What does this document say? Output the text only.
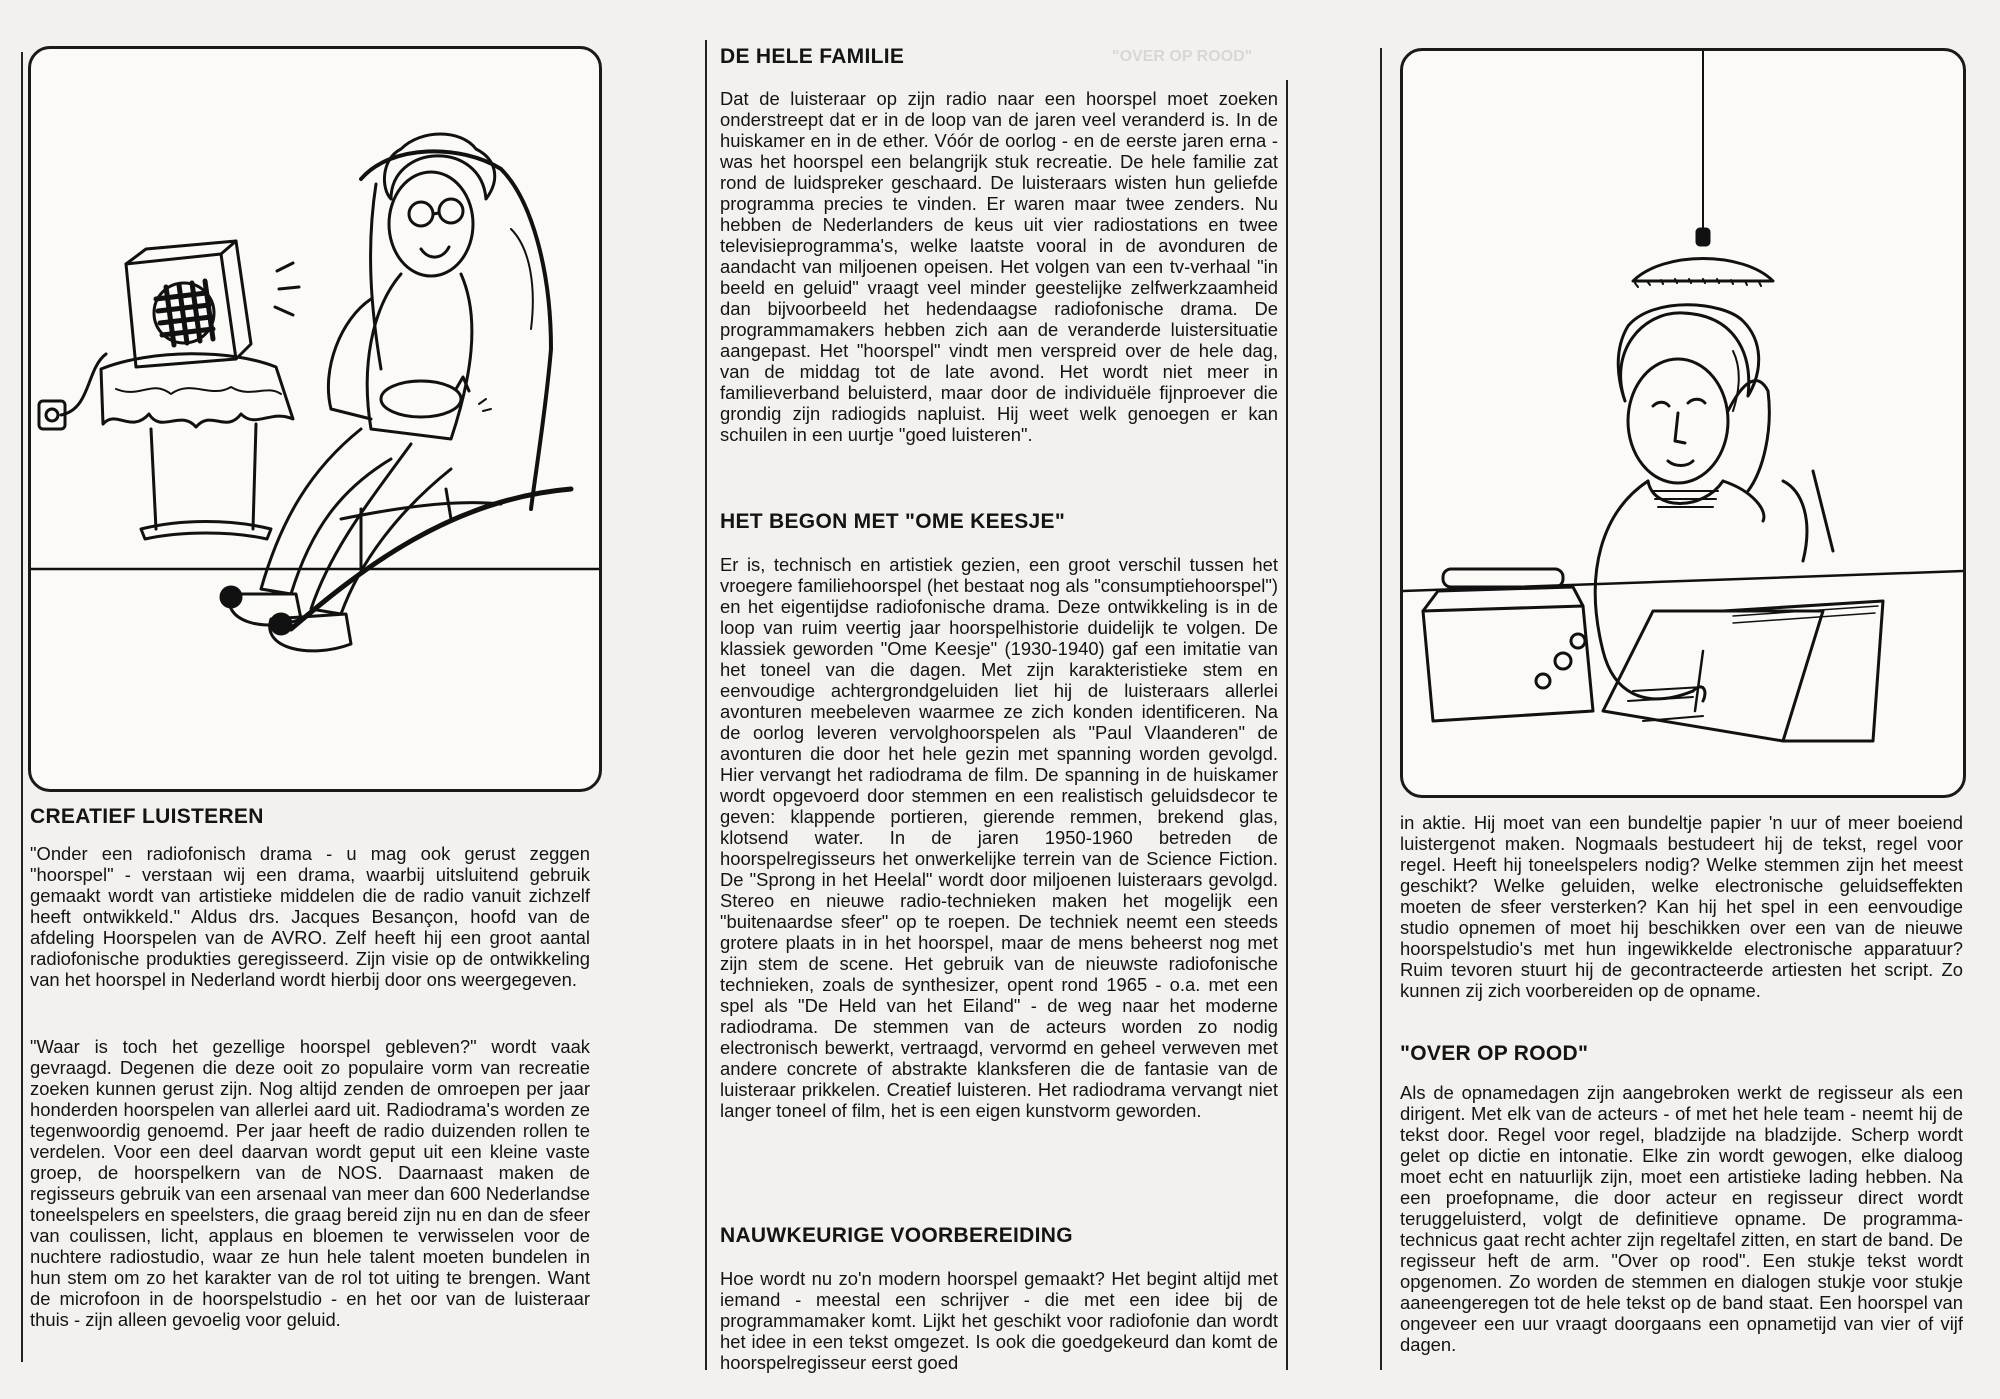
CREATIEF LUISTEREN

"Onder een radiofonisch drama - u mag ook gerust zeggen "hoorspel" - verstaan wij een drama, waarbij uitsluitend gebruik gemaakt wordt van artistieke middelen die de radio vanuit zichzelf heeft ontwikkeld." Aldus drs. Jacques Besançon, hoofd van de afdeling Hoorspelen van de AVRO. Zelf heeft hij een groot aantal radiofonische produkties geregisseerd. Zijn visie op de ontwikkeling van het hoorspel in Nederland wordt hierbij door ons weergegeven.

"Waar is toch het gezellige hoorspel gebleven?" wordt vaak gevraagd. Degenen die deze ooit zo populaire vorm van recreatie zoeken kunnen gerust zijn. Nog altijd zenden de omroepen per jaar honderden hoorspelen van allerlei aard uit. Radiodrama's worden ze tegenwoordig genoemd. Per jaar heeft de radio duizenden rollen te verdelen. Voor een deel daarvan wordt geput uit een kleine vaste groep, de hoorspelkern van de NOS. Daarnaast maken de regisseurs gebruik van een arsenaal van meer dan 600 Nederlandse toneelspelers en speelsters, die graag bereid zijn nu en dan de sfeer van coulissen, licht, applaus en bloemen te verwisselen voor de nuchtere radiostudio, waar ze hun hele talent moeten bundelen in hun stem om zo het karakter van de rol tot uiting te brengen. Want de microfoon in de hoorspelstudio - en het oor van de luisteraar thuis - zijn alleen gevoelig voor geluid.

"OVER OP ROOD"
DE HELE FAMILIE

Dat de luisteraar op zijn radio naar een hoorspel moet zoeken onderstreept dat er in de loop van de jaren veel veranderd is. In de huiskamer en in de ether. Vóór de oorlog - en de eerste jaren erna - was het hoorspel een belangrijk stuk recreatie. De hele familie zat rond de luidspreker geschaard. De luisteraars wisten hun geliefde programma precies te vinden. Er waren maar twee zenders. Nu hebben de Nederlanders de keus uit vier radiostations en twee televisieprogramma's, welke laatste vooral in de avonduren de aandacht van miljoenen opeisen. Het volgen van een tv-verhaal "in beeld en geluid" vraagt veel minder geestelijke zelfwerkzaamheid dan bijvoorbeeld het hedendaagse radiofonische drama. De programmamakers hebben zich aan de veranderde luistersituatie aangepast. Het "hoorspel" vindt men verspreid over de hele dag, van de middag tot de late avond. Het wordt niet meer in familieverband beluisterd, maar door de individuële fijnproever die grondig zijn radiogids napluist. Hij weet welk genoegen er kan schuilen in een uurtje "goed luisteren".

HET BEGON MET "OME KEESJE"

Er is, technisch en artistiek gezien, een groot verschil tussen het vroegere familiehoorspel (het bestaat nog als "consumptiehoorspel") en het eigentijdse radiofonische drama. Deze ontwikkeling is in de loop van ruim veertig jaar hoorspelhistorie duidelijk te volgen. De klassiek geworden "Ome Keesje" (1930-1940) gaf een imitatie van het toneel van die dagen. Met zijn karakteristieke stem en eenvoudige achtergrondgeluiden liet hij de luisteraars allerlei avonturen meebeleven waarmee ze zich konden identificeren. Na de oorlog leveren vervolghoorspelen als "Paul Vlaanderen" de avonturen die door het hele gezin met spanning worden gevolgd. Hier vervangt het radiodrama de film. De spanning in de huiskamer wordt opgevoerd door stemmen en een realistisch geluidsdecor te geven: klappende portieren, gierende remmen, brekend glas, klotsend water. In de jaren 1950-1960 betreden de hoorspelregisseurs het onwerkelijke terrein van de Science Fiction. De "Sprong in het Heelal" wordt door miljoenen luisteraars gevolgd. Stereo en nieuwe radio-technieken maken het mogelijk een "buitenaardse sfeer" op te roepen. De techniek neemt een steeds grotere plaats in in het hoorspel, maar de mens beheerst nog met zijn stem de scene. Het gebruik van de nieuwste radiofonische technieken, zoals de synthesizer, opent rond 1965 - o.a. met een spel als "De Held van het Eiland" - de weg naar het moderne radiodrama. De stemmen van de acteurs worden zo nodig electronisch bewerkt, vertraagd, vervormd en geheel verweven met andere concrete of abstrakte klanksferen die de fantasie van de luisteraar prikkelen. Creatief luisteren. Het radiodrama vervangt niet langer toneel of film, het is een eigen kunstvorm geworden.

NAUWKEURIGE VOORBEREIDING

Hoe wordt nu zo'n modern hoorspel gemaakt? Het begint altijd met iemand - meestal een schrijver - die met een idee bij de programmamaker komt. Lijkt het geschikt voor radiofonie dan wordt het idee in een tekst omgezet. Is ook die goedgekeurd dan komt de hoorspelregisseur eerst goed

in aktie. Hij moet van een bundeltje papier 'n uur of meer boeiend luistergenot maken. Nogmaals bestudeert hij de tekst, regel voor regel. Heeft hij toneelspelers nodig? Welke stemmen zijn het meest geschikt? Welke geluiden, welke electronische geluidseffekten moeten de sfeer versterken? Kan hij het spel in een eenvoudige studio opnemen of moet hij beschikken over een van de nieuwe hoorspelstudio's met hun ingewikkelde electronische apparatuur? Ruim tevoren stuurt hij de gecontracteerde artiesten het script. Zo kunnen zij zich voorbereiden op de opname.

"OVER OP ROOD"

Als de opnamedagen zijn aangebroken werkt de regisseur als een dirigent. Met elk van de acteurs - of met het hele team - neemt hij de tekst door. Regel voor regel, bladzijde na bladzijde. Scherp wordt gelet op dictie en intonatie. Elke zin wordt gewogen, elke dialoog moet echt en natuurlijk zijn, moet een artistieke lading hebben. Na een proefopname, die door acteur en regisseur direct wordt teruggeluisterd, volgt de definitieve opname. De programma-technicus gaat recht achter zijn regeltafel zitten, en start de band. De regisseur heft de arm. "Over op rood". Een stukje tekst wordt opgenomen. Zo worden de stemmen en dialogen stukje voor stukje aaneengeregen tot de hele tekst op de band staat. Een hoorspel van ongeveer een uur vraagt doorgaans een opnametijd van vier of vijf dagen.
